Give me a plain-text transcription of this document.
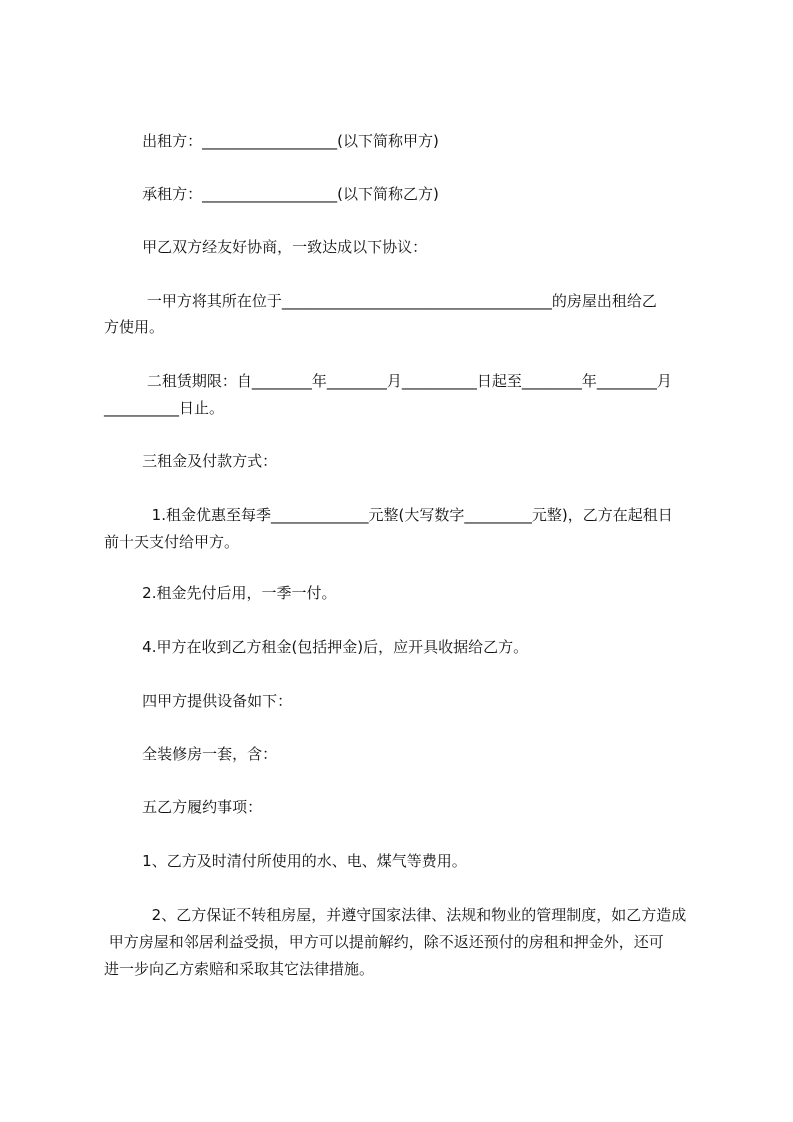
出租方：__________________(以下简称甲方)

承租方：__________________(以下简称乙方)

甲乙双方经友好协商，一致达成以下协议：

一甲方将其所在位于____________________________________的房屋出租给乙

方使用。

二租赁期限：自________年________月__________日起至________年________月

__________日止。

三租金及付款方式：

1.租金优惠至每季_____________元整(大写数字_________元整)，乙方在起租日

前十天支付给甲方。

2.租金先付后用，一季一付。

4.甲方在收到乙方租金(包括押金)后，应开具收据给乙方。

四甲方提供设备如下：

全装修房一套，含：

五乙方履约事项：

1、乙方及时清付所使用的水、电、煤气等费用。

2、乙方保证不转租房屋，并遵守国家法律、法规和物业的管理制度，如乙方造成

甲方房屋和邻居利益受损，甲方可以提前解约，除不返还预付的房租和押金外，还可

进一步向乙方索赔和采取其它法律措施。
